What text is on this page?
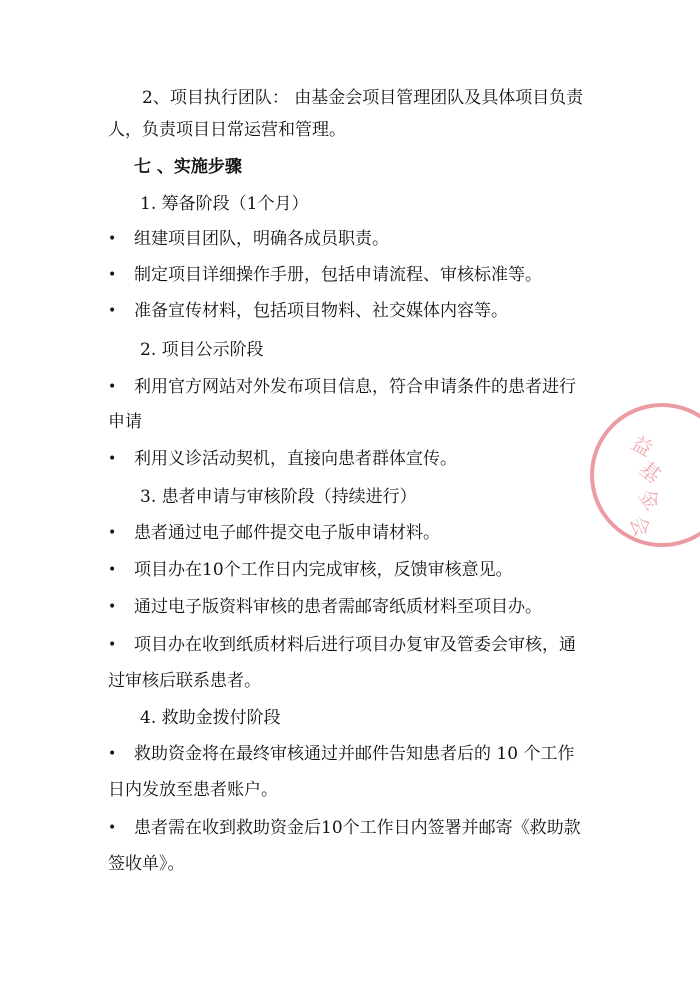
2、项目执行团队： 由基金会项目管理团队及具体项目负责
人，负责项目日常运营和管理。
七 、实施步骤
1. 筹备阶段（1个月）
• 组建项目团队，明确各成员职责。
• 制定项目详细操作手册，包括申请流程、审核标准等。
• 准备宣传材料，包括项目物料、社交媒体内容等。
2. 项目公示阶段
• 利用官方网站对外发布项目信息，符合申请条件的患者进行
申请
• 利用义诊活动契机，直接向患者群体宣传。
3. 患者申请与审核阶段（持续进行）
• 患者通过电子邮件提交电子版申请材料。
• 项目办在10个工作日内完成审核，反馈审核意见。
• 通过电子版资料审核的患者需邮寄纸质材料至项目办。
• 项目办在收到纸质材料后进行项目办复审及管委会审核，通
过审核后联系患者。
4. 救助金拨付阶段
• 救助资金将在最终审核通过并邮件告知患者后的 10 个工作
日内发放至患者账户。
• 患者需在收到救助资金后10个工作日内签署并邮寄《救助款
签收单》。
益
基
金
会
